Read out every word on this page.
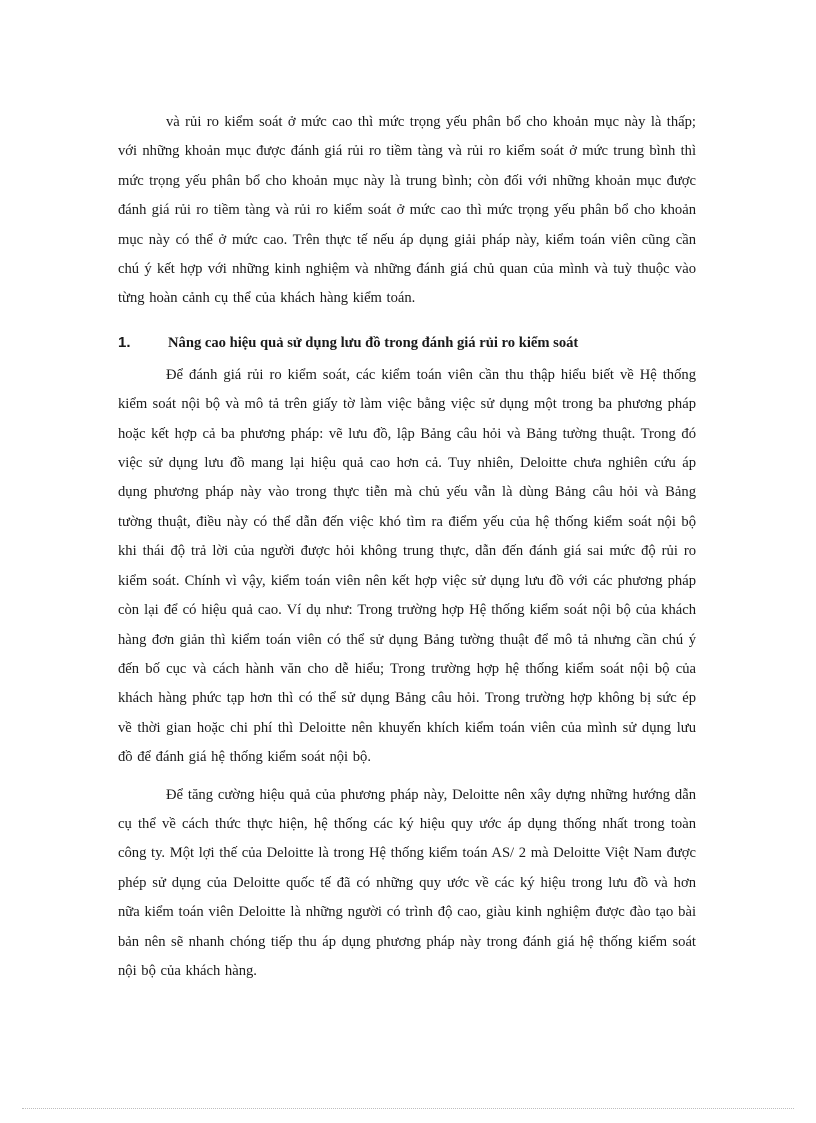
và rủi ro kiểm soát ở mức cao thì mức trọng yếu phân bổ cho khoản mục này là thấp; với những khoản mục được đánh giá rủi ro tiềm tàng và rủi ro kiểm soát ở mức trung bình thì mức trọng yếu phân bổ cho khoản mục này là trung bình; còn đối với những khoản mục được đánh giá rủi ro tiềm tàng và rủi ro kiểm soát ở mức cao thì mức trọng yếu phân bổ cho khoản mục này có thể ở mức cao. Trên thực tế nếu áp dụng giải pháp này, kiểm toán viên cũng cần chú ý kết hợp với những kinh nghiệm và những đánh giá chủ quan của mình và tuỳ thuộc vào từng hoàn cảnh cụ thể của khách hàng kiểm toán.

1.	Nâng cao hiệu quả sử dụng lưu đồ trong đánh giá rủi ro kiểm soát

Để đánh giá rủi ro kiểm soát, các kiểm toán viên cần thu thập hiểu biết về Hệ thống kiểm soát nội bộ và mô tả trên giấy tờ làm việc bằng việc sử dụng một trong ba phương pháp hoặc kết hợp cả ba phương pháp: vẽ lưu đồ, lập Bảng câu hỏi và Bảng tường thuật. Trong đó việc sử dụng lưu đồ mang lại hiệu quả cao hơn cả. Tuy nhiên, Deloitte chưa nghiên cứu áp dụng phương pháp này vào trong thực tiễn mà chủ yếu vẫn là dùng Bảng câu hỏi và Bảng tường thuật, điều này có thể dẫn đến việc khó tìm ra điểm yếu của hệ thống kiểm soát nội bộ khi thái độ trả lời của người được hỏi không trung thực, dẫn đến đánh giá sai mức độ rủi ro kiểm soát. Chính vì vậy, kiểm toán viên nên kết hợp việc sử dụng lưu đồ với các phương pháp còn lại để có hiệu quả cao. Ví dụ như: Trong trường hợp Hệ thống kiểm soát nội bộ của khách hàng đơn giản thì kiểm toán viên có thể sử dụng Bảng tường thuật để mô tả nhưng cần chú ý đến bố cục và cách hành văn cho dễ hiểu; Trong trường hợp hệ thống kiểm soát nội bộ của khách hàng phức tạp hơn thì có thể sử dụng Bảng câu hỏi. Trong trường hợp không bị sức ép về thời gian hoặc chi phí thì Deloitte nên khuyến khích kiểm toán viên của mình sử dụng lưu đồ để đánh giá hệ thống kiểm soát nội bộ.

Để tăng cường hiệu quả của phương pháp này, Deloitte nên xây dựng những hướng dẫn cụ thể về cách thức thực hiện, hệ thống các ký hiệu quy ước áp dụng thống nhất trong toàn công ty. Một lợi thế của Deloitte là trong Hệ thống kiểm toán AS/ 2 mà Deloitte Việt Nam được phép sử dụng của Deloitte quốc tế đã có những quy ước về các ký hiệu trong lưu đồ và hơn nữa kiểm toán viên Deloitte là những người có trình độ cao, giàu kinh nghiệm được đào tạo bài bản nên sẽ nhanh chóng tiếp thu áp dụng phương pháp này trong đánh giá hệ thống kiểm soát nội bộ của khách hàng.
